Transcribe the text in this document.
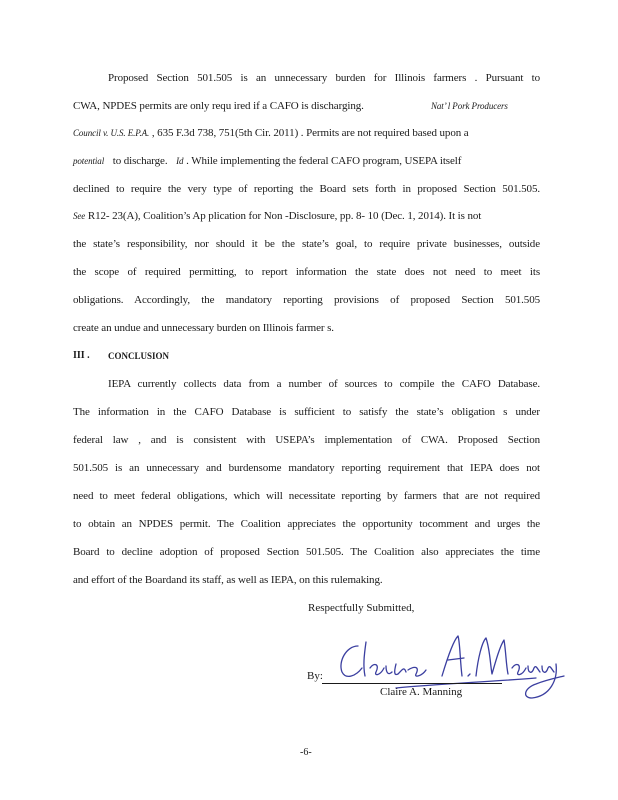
Proposed Section 501.505 is an unnecessary burden for Illinois farmers . Pursuant to
CWA, NPDES permits are only requ ired if a CAFO is discharging.	Nat’ l Pork Producers
Council v. U.S. E.P.A. , 635 F.3d 738, 751(5th Cir. 2011) . Permits are not required based upon a
potential to discharge. Id . While implementing the federal CAFO program, USEPA itself
declined to require the very type of reporting the Board sets forth in proposed Section 501.505.
See R12- 23(A), Coalition’s Ap plication for Non -Disclosure, pp. 8- 10 (Dec. 1, 2014). It is not
the state’s responsibility, nor should it be the state’s goal, to require private businesses, outside
the scope of required permitting, to report information the state does not need to meet its
obligations. Accordingly, the mandatory reporting provisions of proposed Section 501.505
create an undue and unnecessary burden on Illinois farmer s.
III . CONCLUSION
IEPA currently collects data from a number of sources to compile the CAFO Database.
The information in the CAFO Database is sufficient to satisfy the state’s obligation s under
federal law , and is consistent with USEPA’s implementation of CWA. Proposed Section
501.505 is an unnecessary and burdensome mandatory reporting requirement that IEPA does not
need to meet federal obligations, which will necessitate reporting by farmers that are not required
to obtain an NPDES permit. The Coalition appreciates the opportunity tocomment and urges the
Board to decline adoption of proposed Section 501.505. The Coalition also appreciates the time
and effort of the Boardand its staff, as well as IEPA, on this rulemaking.
Respectfully Submitted,
By:
Claire A. Manning
-6-
